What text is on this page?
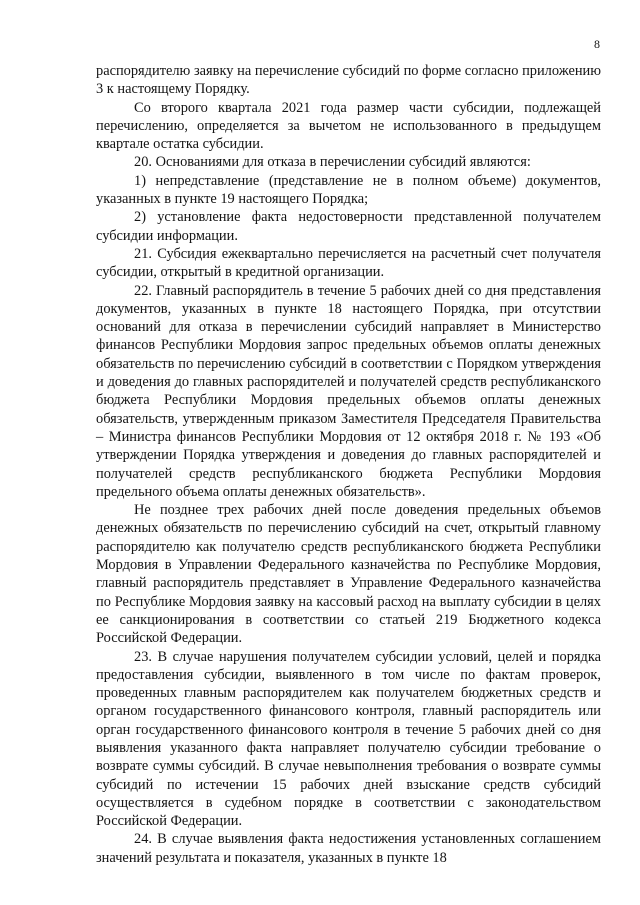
8

распорядителю заявку на перечисление субсидий по форме согласно приложению 3 к настоящему Порядку.

Со второго квартала 2021 года размер части субсидии, подлежащей перечислению, определяется за вычетом не использованного в предыдущем квартале остатка субсидии.

20. Основаниями для отказа в перечислении субсидий являются:

1) непредставление (представление не в полном объеме) документов, указанных в пункте 19 настоящего Порядка;

2) установление факта недостоверности представленной получателем субсидии информации.

21. Субсидия ежеквартально перечисляется на расчетный счет получателя субсидии, открытый в кредитной организации.

22. Главный распорядитель в течение 5 рабочих дней со дня представления документов, указанных в пункте 18 настоящего Порядка, при отсутствии оснований для отказа в перечислении субсидий направляет в Министерство финансов Республики Мордовия запрос предельных объемов оплаты денежных обязательств по перечислению субсидий в соответствии с Порядком утверждения и доведения до главных распорядителей и получателей средств республиканского бюджета Республики Мордовия предельных объемов оплаты денежных обязательств, утвержденным приказом Заместителя Председателя Правительства – Министра финансов Республики Мордовия от 12 октября 2018 г. № 193 «Об утверждении Порядка утверждения и доведения до главных распорядителей и получателей средств республиканского бюджета Республики Мордовия предельного объема оплаты денежных обязательств».

Не позднее трех рабочих дней после доведения предельных объемов денежных обязательств по перечислению субсидий на счет, открытый главному распорядителю как получателю средств республиканского бюджета Республики Мордовия в Управлении Федерального казначейства по Республике Мордовия, главный распорядитель представляет в Управление Федерального казначейства по Республике Мордовия заявку на кассовый расход на выплату субсидии в целях ее санкционирования в соответствии со статьей 219 Бюджетного кодекса Российской Федерации.

23. В случае нарушения получателем субсидии условий, целей и порядка предоставления субсидии, выявленного в том числе по фактам проверок, проведенных главным распорядителем как получателем бюджетных средств и органом государственного финансового контроля, главный распорядитель или орган государственного финансового контроля в течение 5 рабочих дней со дня выявления указанного факта направляет получателю субсидии требование о возврате суммы субсидий. В случае невыполнения требования о возврате суммы субсидий по истечении 15 рабочих дней взыскание средств субсидий осуществляется в судебном порядке в соответствии с законодательством Российской Федерации.

24. В случае выявления факта недостижения установленных соглашением значений результата и показателя, указанных в пункте 18
